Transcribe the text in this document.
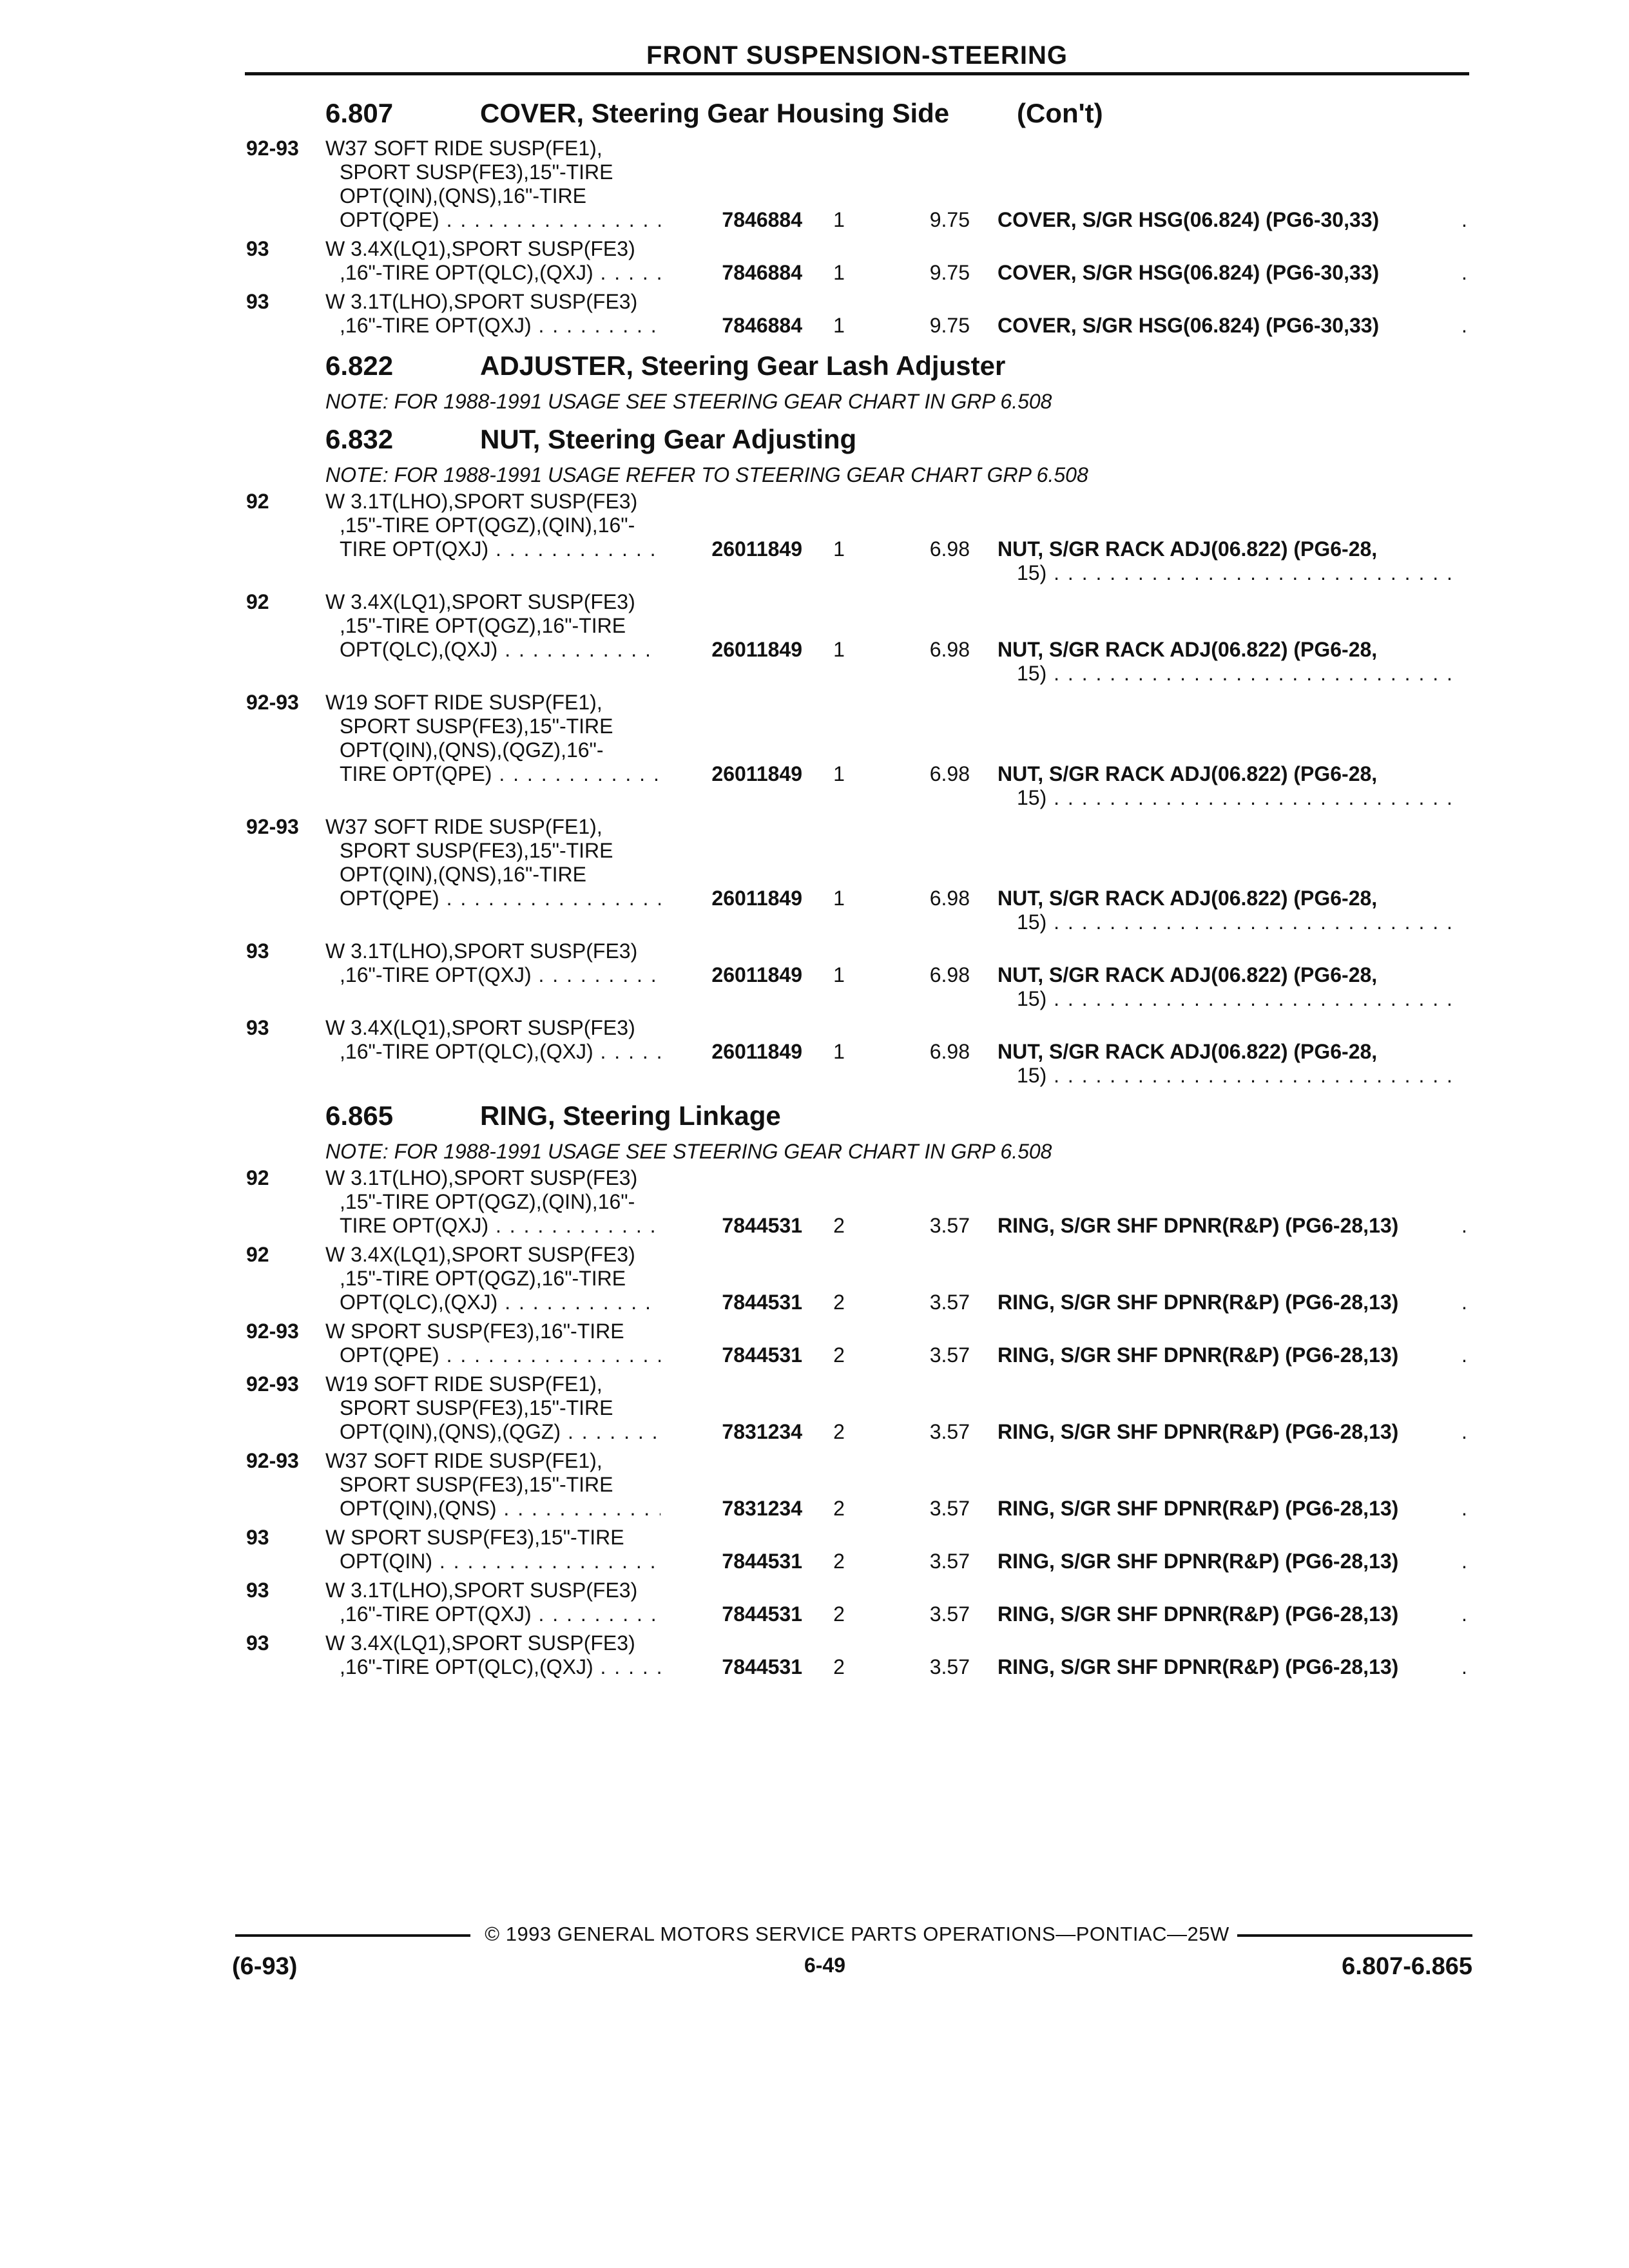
FRONT SUSPENSION-STEERING
6.807	COVER, Steering Gear Housing Side (Con't)
92-93	W37 SOFT RIDE SUSP(FE1),
SPORT SUSP(FE3),15"-TIRE
OPT(QIN),(QNS),16"-TIRE
OPT(QPE) . . .	7846884	1	9.75 COVER, S/GR HSG(06.824) (PG6-30,33)	.
93	W 3.4X(LQ1),SPORT SUSP(FE3)
,16"-TIRE OPT(QLC),(QXJ) . . .	7846884	1	9.75 COVER, S/GR HSG(06.824) (PG6-30,33)	.
93	W 3.1T(LHO),SPORT SUSP(FE3)
,16"-TIRE OPT(QXJ) . . .	7846884	1	9.75 COVER, S/GR HSG(06.824) (PG6-30,33)	.
6.822	ADJUSTER, Steering Gear Lash Adjuster
NOTE: FOR 1988-1991 USAGE SEE STEERING GEAR CHART IN GRP 6.508
6.832	NUT, Steering Gear Adjusting
NOTE: FOR 1988-1991 USAGE REFER TO STEERING GEAR CHART GRP 6.508
92	W 3.1T(LHO),SPORT SUSP(FE3)
,15"-TIRE OPT(QGZ),(QIN),16"-
TIRE OPT(QXJ) . . .	26011849	1	6.98 NUT, S/GR RACK ADJ(06.822) (PG6-28,
15) . . .
92	W 3.4X(LQ1),SPORT SUSP(FE3)
,15"-TIRE OPT(QGZ),16"-TIRE
OPT(QLC),(QXJ) . . .	26011849	1	6.98 NUT, S/GR RACK ADJ(06.822) (PG6-28,
15) . . .
92-93	W19 SOFT RIDE SUSP(FE1),
SPORT SUSP(FE3),15"-TIRE
OPT(QIN),(QNS),(QGZ),16"-
TIRE OPT(QPE) . . .	26011849	1	6.98 NUT, S/GR RACK ADJ(06.822) (PG6-28,
15) . . .
92-93	W37 SOFT RIDE SUSP(FE1),
SPORT SUSP(FE3),15"-TIRE
OPT(QIN),(QNS),16"-TIRE
OPT(QPE) . . .	26011849	1	6.98 NUT, S/GR RACK ADJ(06.822) (PG6-28,
15) . . .
93	W 3.1T(LHO),SPORT SUSP(FE3)
,16"-TIRE OPT(QXJ) . . .	26011849	1	6.98 NUT, S/GR RACK ADJ(06.822) (PG6-28,
15) . . .
93	W 3.4X(LQ1),SPORT SUSP(FE3)
,16"-TIRE OPT(QLC),(QXJ) . . .	26011849	1	6.98 NUT, S/GR RACK ADJ(06.822) (PG6-28,
15) . . .
6.865	RING, Steering Linkage
NOTE: FOR 1988-1991 USAGE SEE STEERING GEAR CHART IN GRP 6.508
92	W 3.1T(LHO),SPORT SUSP(FE3)
,15"-TIRE OPT(QGZ),(QIN),16"-
TIRE OPT(QXJ) . . .	7844531	2	3.57 RING, S/GR SHF DPNR(R&P) (PG6-28,13)	.
92	W 3.4X(LQ1),SPORT SUSP(FE3)
,15"-TIRE OPT(QGZ),16"-TIRE
OPT(QLC),(QXJ) . . .	7844531	2	3.57 RING, S/GR SHF DPNR(R&P) (PG6-28,13)	.
92-93	W SPORT SUSP(FE3),16"-TIRE
OPT(QPE) . . .	7844531	2	3.57 RING, S/GR SHF DPNR(R&P) (PG6-28,13)	.
92-93	W19 SOFT RIDE SUSP(FE1),
SPORT SUSP(FE3),15"-TIRE
OPT(QIN),(QNS),(QGZ) . . .	7831234	2	3.57 RING, S/GR SHF DPNR(R&P) (PG6-28,13)	.
92-93	W37 SOFT RIDE SUSP(FE1),
SPORT SUSP(FE3),15"-TIRE
OPT(QIN),(QNS) . . .	7831234	2	3.57 RING, S/GR SHF DPNR(R&P) (PG6-28,13)	.
93	W SPORT SUSP(FE3),15"-TIRE
OPT(QIN) . . .	7844531	2	3.57 RING, S/GR SHF DPNR(R&P) (PG6-28,13)	.
93	W 3.1T(LHO),SPORT SUSP(FE3)
,16"-TIRE OPT(QXJ) . . .	7844531	2	3.57 RING, S/GR SHF DPNR(R&P) (PG6-28,13)	.
93	W 3.4X(LQ1),SPORT SUSP(FE3)
,16"-TIRE OPT(QLC),(QXJ) . . .	7844531	2	3.57 RING, S/GR SHF DPNR(R&P) (PG6-28,13)	.
© 1993 GENERAL MOTORS SERVICE PARTS OPERATIONS—PONTIAC—25W
(6-93)	6-49	6.807-6.865
